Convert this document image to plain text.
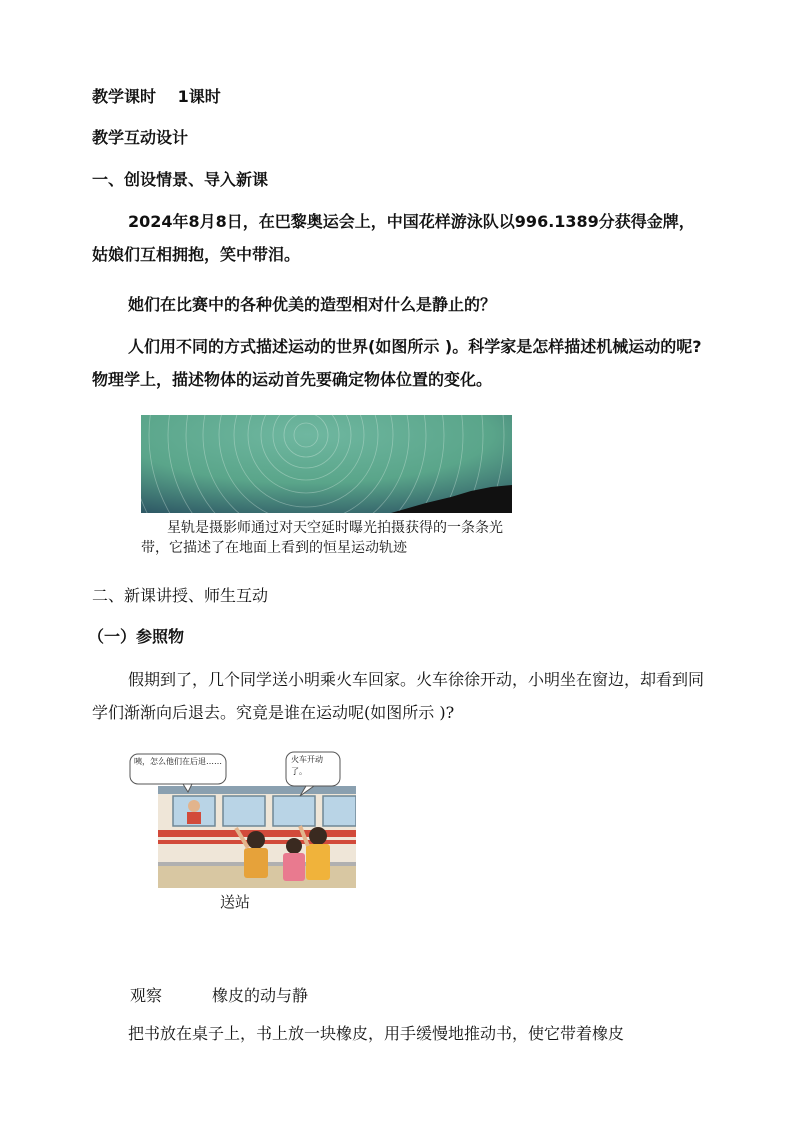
教学课时　 1课时
教学互动设计
一、创设情景、导入新课
2024年8月8日，在巴黎奥运会上，中国花样游泳队以996.1389分获得金牌，姑娘们互相拥抱，笑中带泪。
她们在比赛中的各种优美的造型相对什么是静止的？
人们用不同的方式描述运动的世界(如图所示 )。科学家是怎样描述机械运动的呢?物理学上，描述物体的运动首先要确定物体位置的变化。
星轨是摄影师通过对天空延时曝光拍摄获得的一条条光带，它描述了在地面上看到的恒星运动轨迹
二、新课讲授、师生互动
（一）参照物
假期到了，几个同学送小明乘火车回家。火车徐徐开动，小明坐在窗边，却看到同学们渐渐向后退去。究竟是谁在运动呢(如图所示 )?
咦，怎么他们在后退……	火车开动了。
送站
观察	橡皮的动与静
把书放在桌子上，书上放一块橡皮，用手缓慢地推动书，使它带着橡皮
